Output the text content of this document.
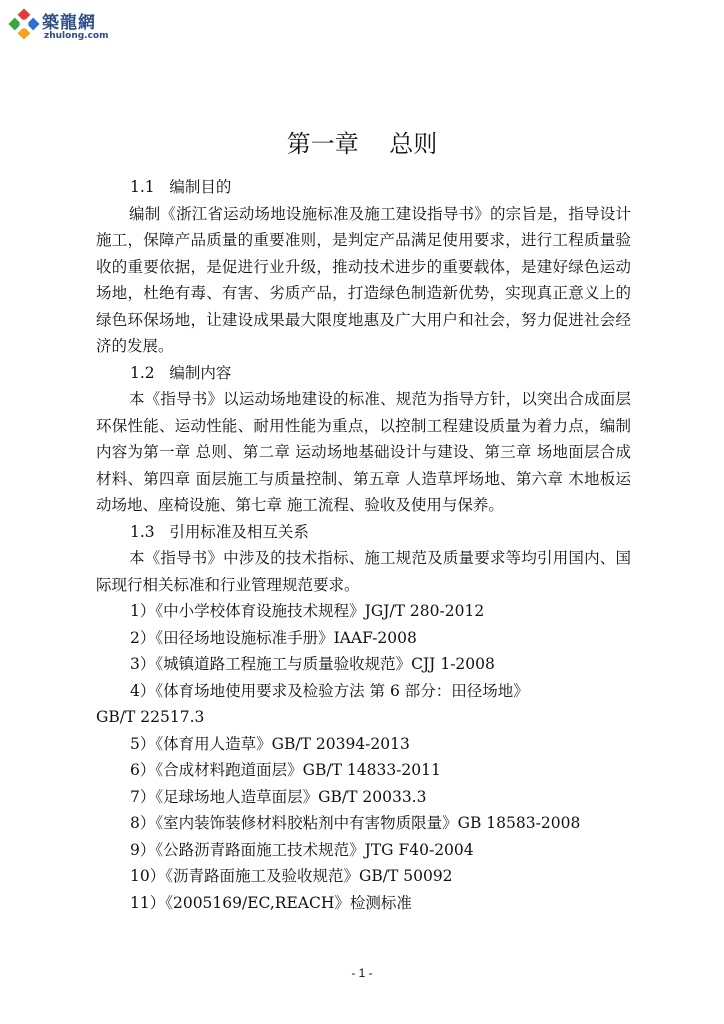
築龍網
zhulong.com
第一章    总则
1.1   编制目的
编制《浙江省运动场地设施标准及施工建设指导书》的宗旨是，指导设计施工，保障产品质量的重要准则，是判定产品满足使用要求，进行工程质量验收的重要依据，是促进行业升级，推动技术进步的重要载体，是建好绿色运动场地，杜绝有毒、有害、劣质产品，打造绿色制造新优势，实现真正意义上的绿色环保场地，让建设成果最大限度地惠及广大用户和社会，努力促进社会经济的发展。
1.2   编制内容
本《指导书》以运动场地建设的标准、规范为指导方针，以突出合成面层环保性能、运动性能、耐用性能为重点，以控制工程建设质量为着力点，编制内容为第一章 总则、第二章 运动场地基础设计与建设、第三章 场地面层合成材料、第四章 面层施工与质量控制、第五章 人造草坪场地、第六章 木地板运动场地、座椅设施、第七章 施工流程、验收及使用与保养。
1.3   引用标准及相互关系
本《指导书》中涉及的技术指标、施工规范及质量要求等均引用国内、国际现行相关标准和行业管理规范要求。
1）《中小学校体育设施技术规程》JGJ/T 280-2012
2）《田径场地设施标准手册》IAAF-2008
3）《城镇道路工程施工与质量验收规范》CJJ 1-2008
4）《体育场地使用要求及检验方法 第 6 部分：田径场地》
GB/T 22517.3
5）《体育用人造草》GB/T 20394-2013
6）《合成材料跑道面层》GB/T 14833-2011
7）《足球场地人造草面层》GB/T 20033.3
8）《室内装饰装修材料胶粘剂中有害物质限量》GB 18583-2008
9）《公路沥青路面施工技术规范》JTG F40-2004
10）《沥青路面施工及验收规范》GB/T 50092
11）《2005169/EC,REACH》检测标准
- 1 -
